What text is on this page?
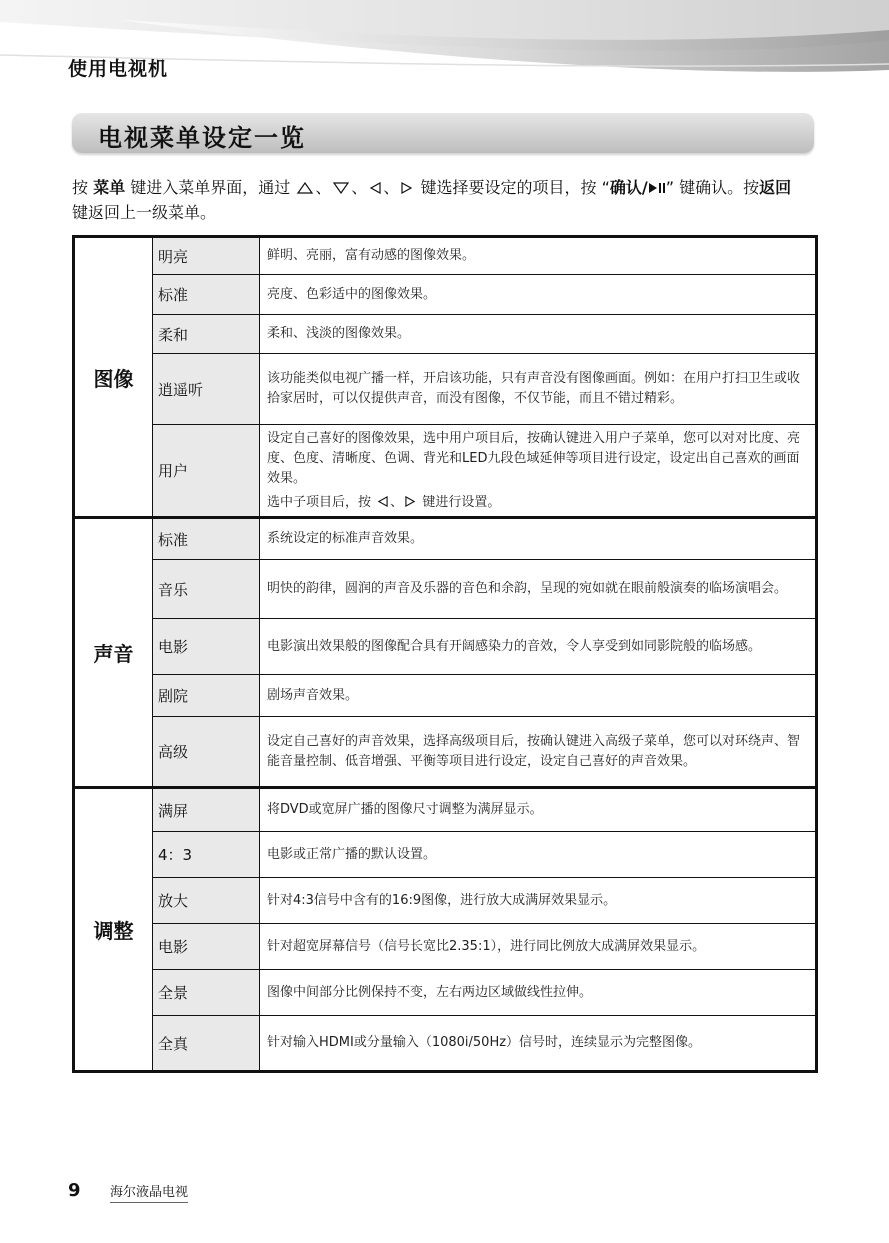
使用电视机
电视菜单设定一览
按 菜单 键进入菜单界面，通过 、 、 、 键选择要设定的项目，按 “确认/ ” 键确认。按返回 键返回上一级菜单。
图像	明亮	鲜明、亮丽，富有动感的图像效果。
	标准	亮度、色彩适中的图像效果。
	柔和	柔和、浅淡的图像效果。
	逍遥听	该功能类似电视广播一样，开启该功能，只有声音没有图像画面。例如：在用户打扫卫生或收拾家居时，可以仅提供声音，而没有图像，不仅节能，而且不错过精彩。
	用户	设定自己喜好的图像效果，选中用户项目后，按确认键进入用户子菜单，您可以对对比度、亮度、色度、清晰度、色调、背光和LED九段色域延伸等项目进行设定，设定出自己喜欢的画面效果。
选中子项目后，按 、 键进行设置。

声音	标准	系统设定的标准声音效果。
	音乐	明快的韵律，圆润的声音及乐器的音色和余韵，呈现的宛如就在眼前般演奏的临场演唱会。
	电影	电影演出效果般的图像配合具有开阔感染力的音效，令人享受到如同影院般的临场感。
	剧院	剧场声音效果。
	高级	设定自己喜好的声音效果，选择高级项目后，按确认键进入高级子菜单，您可以对环绕声、智能音量控制、低音增强、平衡等项目进行设定，设定自己喜好的声音效果。
调整	满屏	将DVD或宽屏广播的图像尺寸调整为满屏显示。
	4：3	电影或正常广播的默认设置。
	放大	针对4:3信号中含有的16:9图像，进行放大成满屏效果显示。
	电影	针对超宽屏幕信号（信号长宽比2.35:1），进行同比例放大成满屏效果显示。
	全景	图像中间部分比例保持不变，左右两边区域做线性拉伸。
	全真	针对输入HDMI或分量输入（1080i/50Hz）信号时，连续显示为完整图像。
9 海尔液晶电视
